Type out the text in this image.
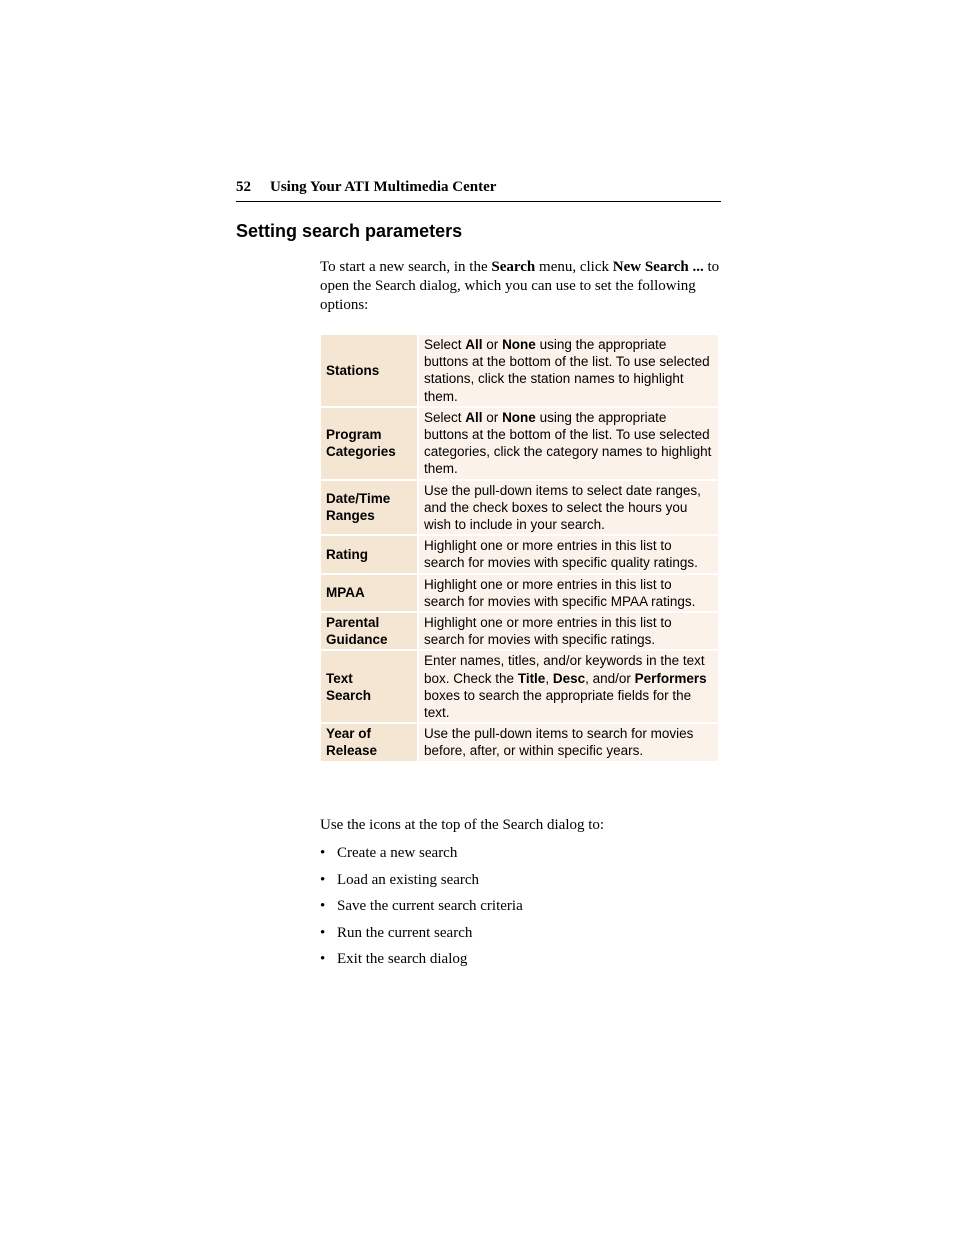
52 Using Your ATI Multimedia Center
Setting search parameters

To start a new search, in the Search menu, click New Search ... to open the Search dialog, which you can use to set the following options:

Stations	Select All or None using the appropriate buttons at the bottom of the list. To use selected stations, click the station names to highlight them.
Program
Categories	Select All or None using the appropriate buttons at the bottom of the list. To use selected categories, click the category names to highlight them.
Date/Time
Ranges	Use the pull-down items to select date ranges, and the check boxes to select the hours you wish to include in your search.
Rating	Highlight one or more entries in this list to search for movies with specific quality ratings.
MPAA	Highlight one or more entries in this list to search for movies with specific MPAA ratings.
Parental
Guidance	Highlight one or more entries in this list to search for movies with specific ratings.
Text
Search	Enter names, titles, and/or keywords in the text box. Check the Title, Desc, and/or Performers boxes to search the appropriate fields for the text.
Year of
Release	Use the pull-down items to search for movies before, after, or within specific years.

Use the icons at the top of the Search dialog to:

• Create a new search
• Load an existing search
• Save the current search criteria
• Run the current search
• Exit the search dialog
